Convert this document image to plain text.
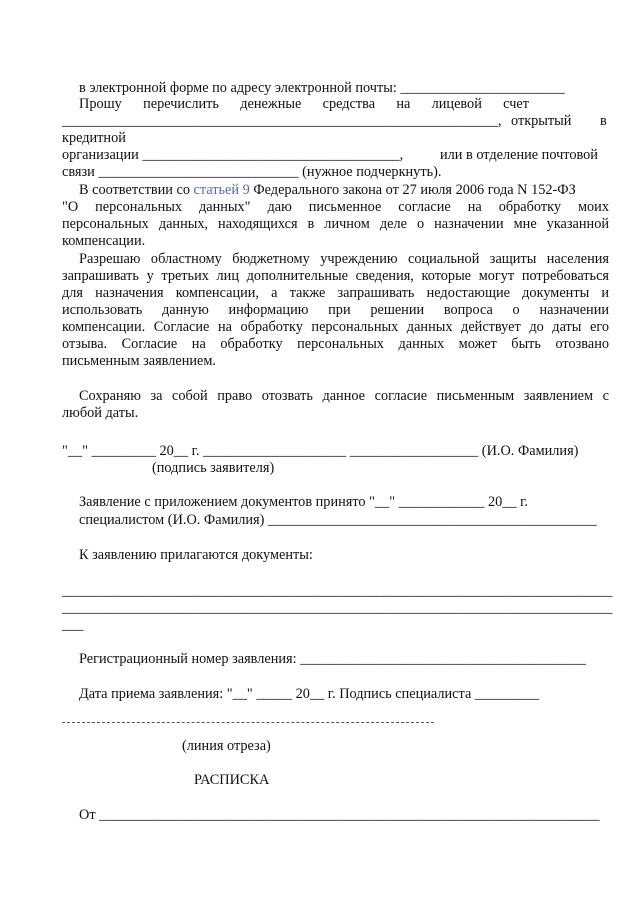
в электронной форме по адресу электронной почты: _______________________
Прошу перечислить денежные средства на лицевой счет
_____________________________________________________________, открытый в
кредитной
организации ____________________________________,	или в отделение почтовой
связи ____________________________ (нужное подчеркнуть).
В соответствии со статьей 9 Федерального закона от 27 июля 2006 года N 152-ФЗ
"О персональных данных" даю письменное согласие на обработку моих
персональных данных, находящихся в личном деле о назначении мне указанной
компенсации.
Разрешаю областному бюджетному учреждению социальной защиты населения
запрашивать у третьих лиц дополнительные сведения, которые могут потребоваться
для назначения компенсации, а также запрашивать недостающие документы и
использовать данную информацию при решении вопроса о назначении
компенсации. Согласие на обработку персональных данных действует до даты его
отзыва. Согласие на обработку персональных данных может быть отозвано
письменным заявлением.
Сохраняю за собой право отозвать данное согласие письменным заявлением с
любой даты.
"__" _________ 20__ г. ____________________ __________________ (И.О. Фамилия)
(подпись заявителя)
Заявление с приложением документов принято "__" ____________ 20__ г.
специалистом (И.О. Фамилия) ______________________________________________
К заявлению прилагаются документы:
_____________________________________________________________________________
_____________________________________________________________________________
___
Регистрационный номер заявления: ________________________________________
Дата приема заявления: "__" _____ 20__ г. Подпись специалиста _________
(линия отреза)
РАСПИСКА
От ______________________________________________________________________
